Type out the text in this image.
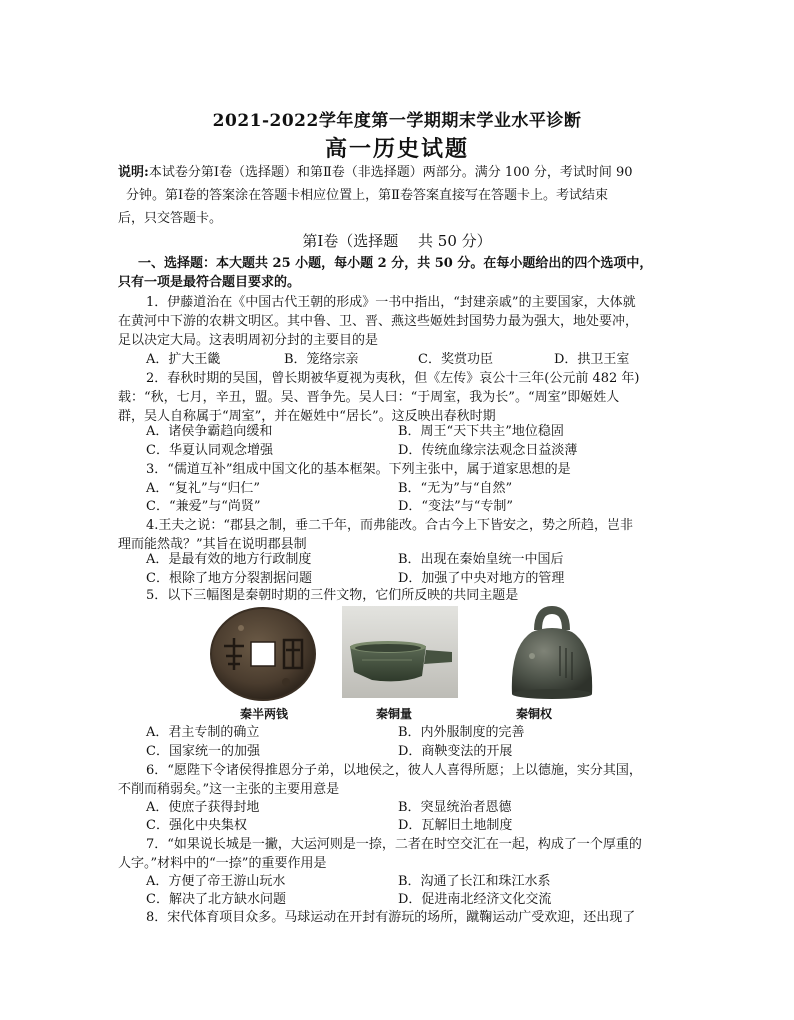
2021-2022学年度第一学期期末学业水平诊断
高一历史试题
说明:本试卷分第Ⅰ卷（选择题）和第Ⅱ卷（非选择题）两部分。满分 100 分，考试时间 90
分钟。第Ⅰ卷的答案涂在答题卡相应位置上，第Ⅱ卷答案直接写在答题卡上。考试结束
后，只交答题卡。
第Ⅰ卷（选择题　 共 50 分）
一、选择题：本大题共 25 小题，每小题 2 分，共 50 分。在每小题给出的四个选项中，
只有一项是最符合题目要求的。
1．伊藤道治在《中国古代王朝的形成》一书中指出，“封建亲戚”的主要国家，大体就
在黄河中下游的农耕文明区。其中鲁、卫、晋、燕这些姬姓封国势力最为强大，地处要冲，
足以决定大局。这表明周初分封的主要目的是
A．扩大王畿	B．笼络宗亲	C．奖赏功臣	D．拱卫王室
2．春秋时期的吴国，曾长期被华夏视为夷秋，但《左传》哀公十三年(公元前 482 年)
载：“秋，七月，辛丑，盟。吴、晋争先。吴人曰：“于周室，我为长”。“周室”即姬姓人
群，吴人自称属于“周室”，并在姬姓中“居长”。这反映出春秋时期
A．诸侯争霸趋向缓和	B．周王“天下共主”地位稳固
C．华夏认同观念增强	D．传统血缘宗法观念日益淡薄
3．“儒道互补”组成中国文化的基本框架。下列主张中，属于道家思想的是
A．“复礼”与“归仁”	B．“无为”与“自然”
C．“兼爱”与“尚贤”	D．“变法”与“专制”
4.王夫之说：“郡县之制，垂二千年，而弗能改。合古今上下皆安之，势之所趋，岂非
理而能然哉？”其旨在说明郡县制
A．是最有效的地方行政制度	B．出现在秦始皇统一中国后
C．根除了地方分裂割据问题	D．加强了中央对地方的管理
5．以下三幅图是秦朝时期的三件文物，它们所反映的共同主题是
秦半两钱	秦铜量	秦铜权
A．君主专制的确立	B．内外服制度的完善
C．国家统一的加强	D．商鞅变法的开展
6．“愿陛下令诸侯得推恩分子弟，以地侯之，彼人人喜得所愿；上以德施，实分其国，
不削而稍弱矣。”这一主张的主要用意是
A．使庶子获得封地	B．突显统治者恩德
C．强化中央集权	D．瓦解旧土地制度
7．“如果说长城是一撇，大运河则是一捺，二者在时空交汇在一起，构成了一个厚重的
人字。”材料中的“一捺”的重要作用是
A．方便了帝王游山玩水	B．沟通了长江和珠江水系
C．解决了北方缺水问题	D．促进南北经济文化交流
8．宋代体育项目众多。马球运动在开封有游玩的场所，蹴鞠运动广受欢迎，还出现了
